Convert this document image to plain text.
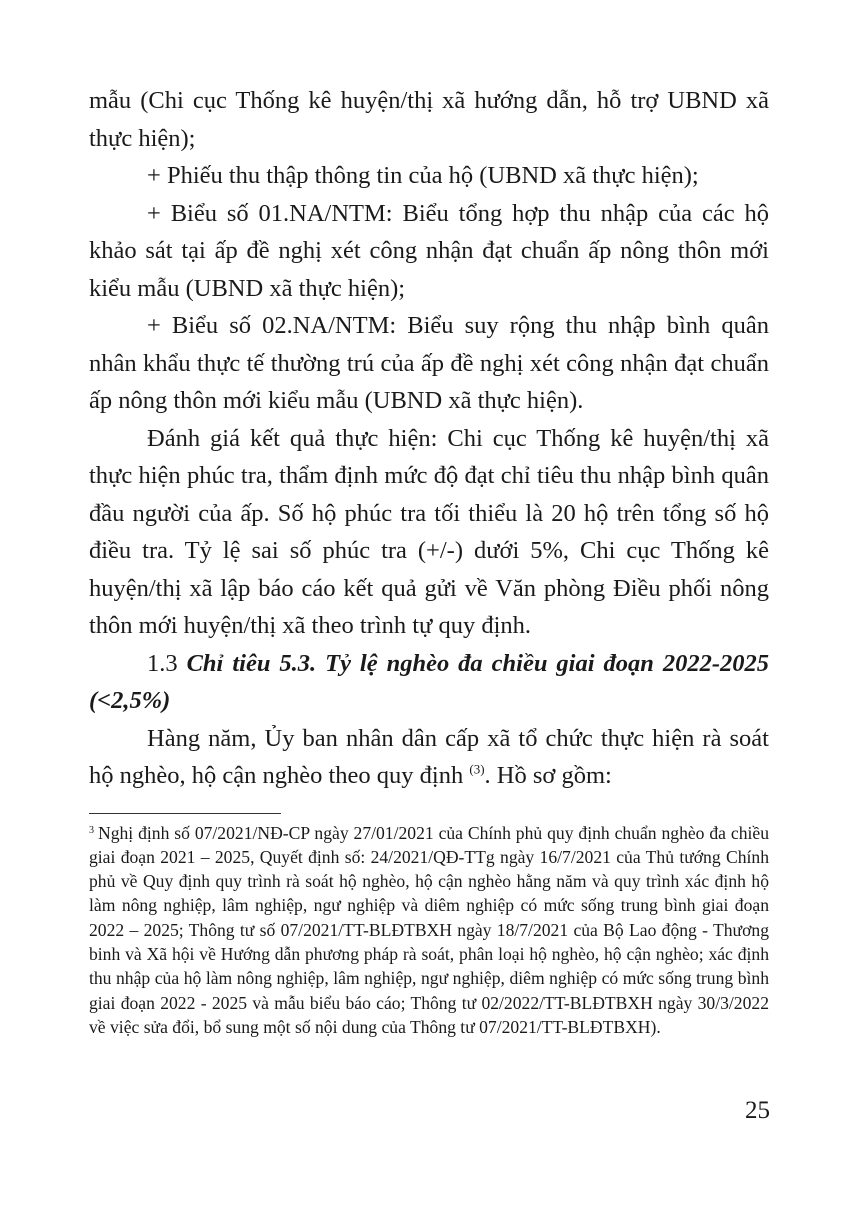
mẫu (Chi cục Thống kê huyện/thị xã hướng dẫn, hỗ trợ UBND xã thực hiện);

+ Phiếu thu thập thông tin của hộ (UBND xã thực hiện);

+ Biểu số 01.NA/NTM: Biểu tổng hợp thu nhập của các hộ khảo sát tại ấp đề nghị xét công nhận đạt chuẩn ấp nông thôn mới kiểu mẫu (UBND xã thực hiện);

+ Biểu số 02.NA/NTM: Biểu suy rộng thu nhập bình quân nhân khẩu thực tế thường trú của ấp đề nghị xét công nhận đạt chuẩn ấp nông thôn mới kiểu mẫu (UBND xã thực hiện).

Đánh giá kết quả thực hiện: Chi cục Thống kê huyện/thị xã thực hiện phúc tra, thẩm định mức độ đạt chỉ tiêu thu nhập bình quân đầu người của ấp. Số hộ phúc tra tối thiểu là 20 hộ trên tổng số hộ điều tra. Tỷ lệ sai số phúc tra (+/-) dưới 5%, Chi cục Thống kê huyện/thị xã lập báo cáo kết quả gửi về Văn phòng Điều phối nông thôn mới huyện/thị xã theo trình tự quy định.

1.3 Chỉ tiêu 5.3. Tỷ lệ nghèo đa chiều giai đoạn 2022-2025 (<2,5%)

Hàng năm, Ủy ban nhân dân cấp xã tổ chức thực hiện rà soát hộ nghèo, hộ cận nghèo theo quy định $^{(3)}$. Hồ sơ gồm:

$^3$ Nghị định số 07/2021/NĐ-CP ngày 27/01/2021 của Chính phủ quy định chuẩn nghèo đa chiều giai đoạn 2021 – 2025, Quyết định số: 24/2021/QĐ-TTg ngày 16/7/2021 của Thủ tướng Chính phủ về Quy định quy trình rà soát hộ nghèo, hộ cận nghèo hằng năm và quy trình xác định hộ làm nông nghiệp, lâm nghiệp, ngư nghiệp và diêm nghiệp có mức sống trung bình giai đoạn 2022 – 2025; Thông tư số 07/2021/TT-BLĐTBXH ngày 18/7/2021 của Bộ Lao động - Thương binh và Xã hội về Hướng dẫn phương pháp rà soát, phân loại hộ nghèo, hộ cận nghèo; xác định thu nhập của hộ làm nông nghiệp, lâm nghiệp, ngư nghiệp, diêm nghiệp có mức sống trung bình giai đoạn 2022 - 2025 và mẫu biểu báo cáo; Thông tư 02/2022/TT-BLĐTBXH ngày 30/3/2022 về việc sửa đổi, bổ sung một số nội dung của Thông tư 07/2021/TT-BLĐTBXH).

25
